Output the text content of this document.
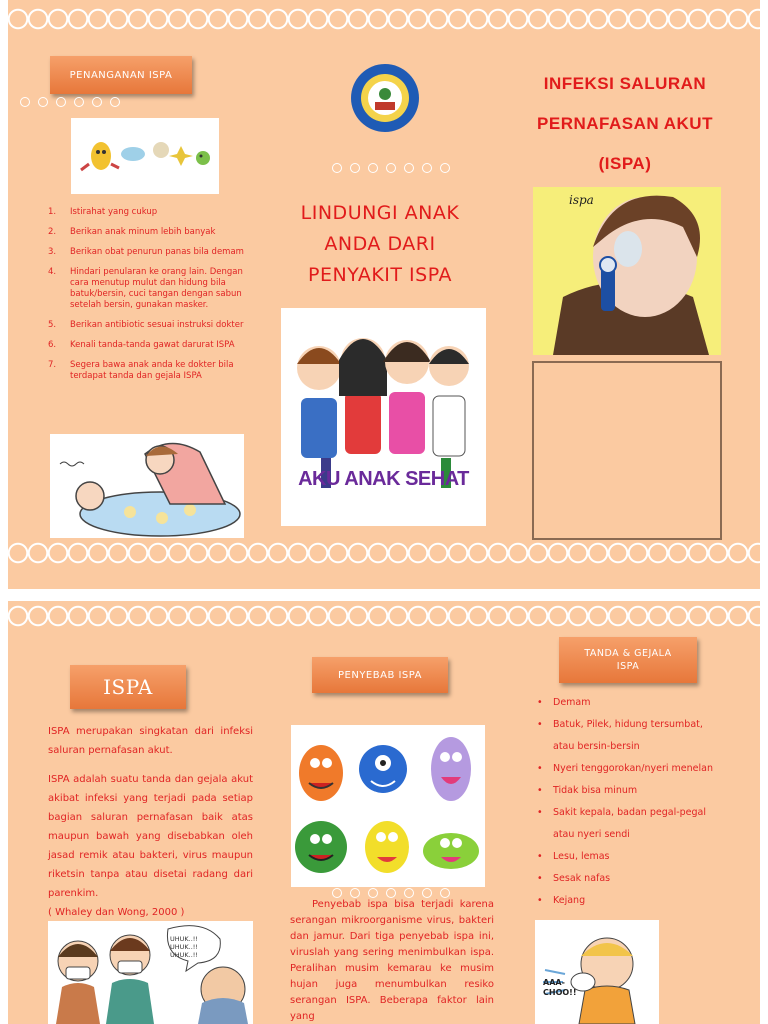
PENANGANAN ISPA
1.	Istirahat yang cukup
2.	Berikan anak minum lebih banyak
3.	Berikan obat penurun panas bila demam
4.	Hindari penularan ke orang lain. Dengan cara menutup mulut dan hidung bila batuk/bersin, cuci tangan dengan sabun setelah bersin, gunakan masker.
5.	Berikan antibiotic sesuai instruksi dokter
6.	Kenali tanda-tanda gawat darurat ISPA
7.	Segera bawa anak anda ke dokter bila terdapat tanda dan gejala ISPA
LINDUNGI ANAK
ANDA DARI
PENYAKIT ISPA
AKU ANAK SEHAT
INFEKSI SALURAN
PERNAFASAN AKUT
(ISPA)
ispa
ISPA

ISPA merupakan singkatan dari infeksi saluran pernafasan akut.

ISPA adalah suatu tanda dan gejala akut akibat infeksi yang terjadi pada setiap bagian saluran pernafasan baik atas maupun bawah yang disebabkan oleh jasad remik atau bakteri, virus maupun riketsin tanpa atau disetai radang dari parenkim.

( Whaley dan Wong, 2000 )

UHUK..!! UHUK..!! UHUK..!!
PENYEBAB ISPA
Penyebab ispa bisa terjadi karena serangan mikroorganisme virus, bakteri dan jamur. Dari tiga penyebab ispa ini, viruslah yang sering menimbulkan ispa. Peralihan musim kemarau ke musim hujan juga menumbulkan resiko serangan ISPA. Beberapa faktor lain yang
TANDA & GEJALA
ISPA
•	Demam
•	Batuk, Pilek, hidung tersumbat,
atau bersin-bersin
•	Nyeri tenggorokan/nyeri menelan
•	Tidak bisa minum
•	Sakit kepala, badan pegal-pegal
atau nyeri sendi
•	Lesu, lemas
•	Sesak nafas
•	Kejang
AAA- CHOO!!
